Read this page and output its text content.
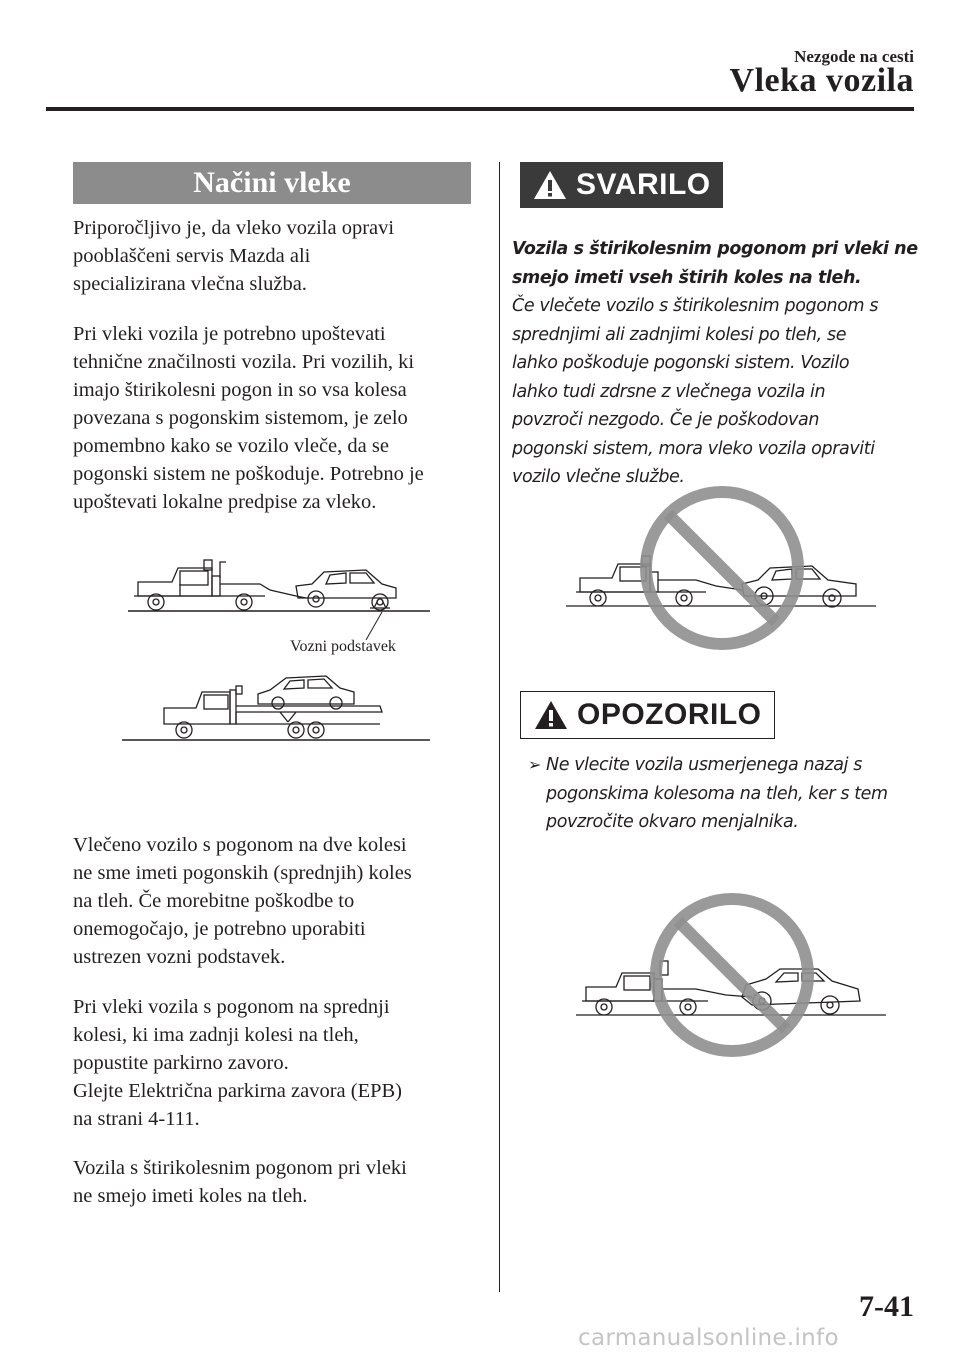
Nezgode na cesti
Vleka vozila
Načini vleke

Priporočljivo je, da vleko vozila opravi
pooblaščeni servis Mazda ali
specializirana vlečna služba.

Pri vleki vozila je potrebno upoštevati
tehnične značilnosti vozila. Pri vozilih, ki
imajo štirikolesni pogon in so vsa kolesa
povezana s pogonskim sistemom, je zelo
pomembno kako se vozilo vleče, da se
pogonski sistem ne poškoduje. Potrebno je
upoštevati lokalne predpise za vleko.

Vozni podstavek

Vlečeno vozilo s pogonom na dve kolesi
ne sme imeti pogonskih (sprednjih) koles
na tleh. Če morebitne poškodbe to
onemogočajo, je potrebno uporabiti
ustrezen vozni podstavek.

Pri vleki vozila s pogonom na sprednji
kolesi, ki ima zadnji kolesi na tleh,
popustite parkirno zavoro.
Glejte Električna parkirna zavora (EPB)
na strani 4-111.

Vozila s štirikolesnim pogonom pri vleki
ne smejo imeti koles na tleh.

SVARILO

Vozila s štirikolesnim pogonom pri vleki ne
smejo imeti vseh štirih koles na tleh.

Če vlečete vozilo s štirikolesnim pogonom s
sprednjimi ali zadnjimi kolesi po tleh, se
lahko poškoduje pogonski sistem. Vozilo
lahko tudi zdrsne z vlečnega vozila in
povzroči nezgodo. Če je poškodovan
pogonski sistem, mora vleko vozila opraviti
vozilo vlečne službe.

OPOZORILO
➢ Ne vlecite vozila usmerjenega nazaj s
pogonskima kolesoma na tleh, ker s tem
povzročite okvaro menjalnika.

7-41
carmanualsonline.info
